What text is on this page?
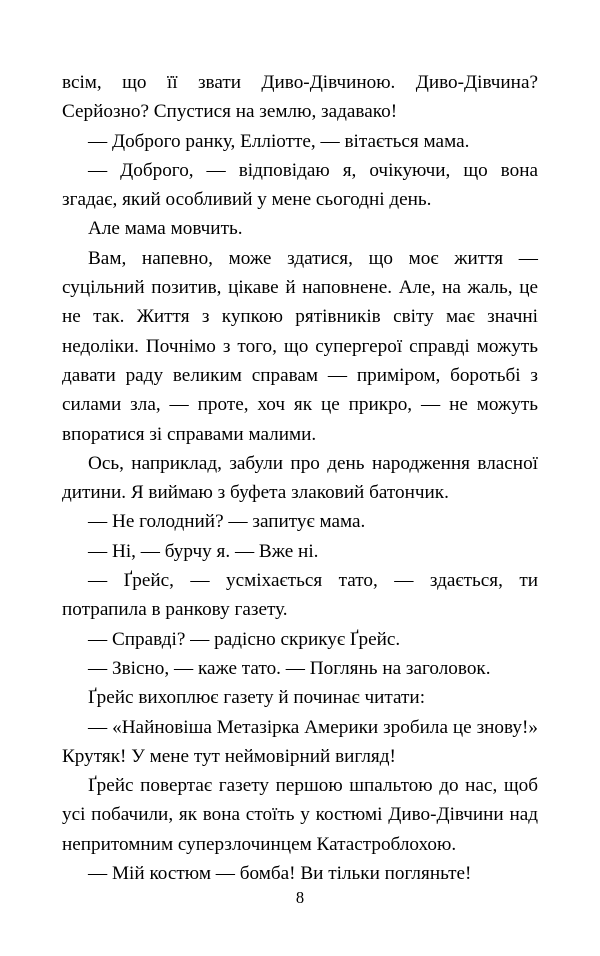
всім, що її звати Диво-Дівчиною. Диво-Дівчина? Серйозно? Спустися на землю, задавако!

— Доброго ранку, Елліотте, — вітається мама.

— Доброго, — відповідаю я, очікуючи, що вона згадає, який особливий у мене сьогодні день.

Але мама мовчить.

Вам, напевно, може здатися, що моє життя — суцільний позитив, цікаве й наповнене. Але, на жаль, це не так. Життя з купкою рятівників світу має значні недоліки. Почнімо з того, що супергерої справді можуть давати раду великим справам — приміром, боротьбі з силами зла, — проте, хоч як це прикро, — не можуть впоратися зі справами малими.

Ось, наприклад, забули про день народження власної дитини. Я виймаю з буфета злаковий батончик.

— Не голодний? — запитує мама.

— Ні, — бурчу я. — Вже ні.

— Ґрейс, — усміхається тато, — здається, ти потрапила в ранкову газету.

— Справді? — радісно скрикує Ґрейс.

— Звісно, — каже тато. — Поглянь на заголовок.

Ґрейс вихоплює газету й починає читати:

— «Найновіша Метазірка Америки зробила це знову!» Крутяк! У мене тут неймовірний вигляд!

Ґрейс повертає газету першою шпальтою до нас, щоб усі побачили, як вона стоїть у костюмі Диво-Дівчини над непритомним суперзлочинцем Катастроблохою.

— Мій костюм — бомба! Ви тільки погляньте!

8
